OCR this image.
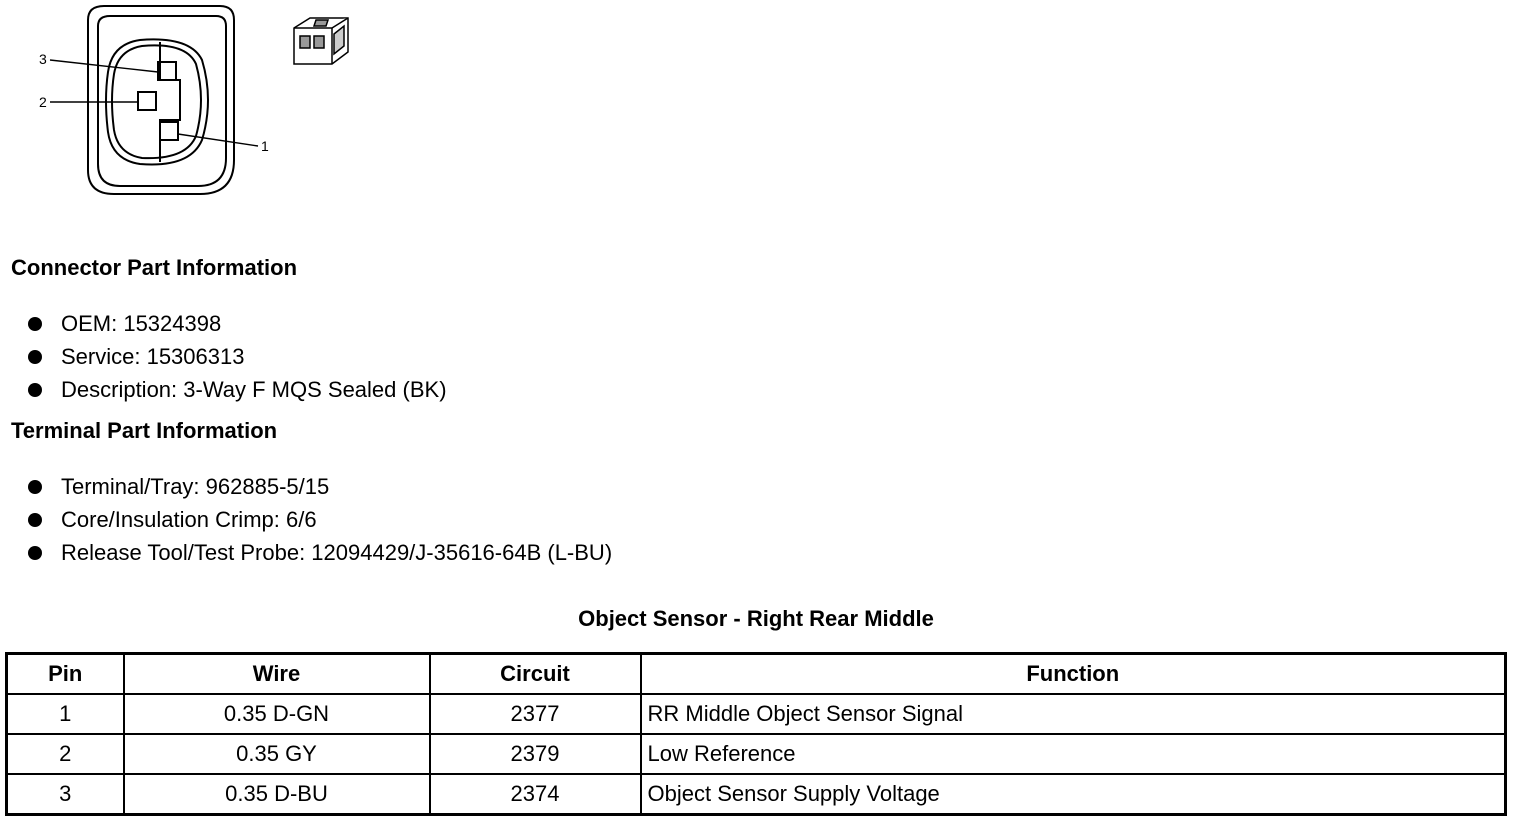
3
2
1
Connector Part Information
OEM: 15324398
Service: 15306313
Description: 3-Way F MQS Sealed (BK)
Terminal Part Information
Terminal/Tray: 962885-5/15
Core/Insulation Crimp: 6/6
Release Tool/Test Probe: 12094429/J-35616-64B (L-BU)
Object Sensor - Right Rear Middle
Pin	Wire	Circuit	Function
1	0.35 D-GN	2377	RR Middle Object Sensor Signal
2	0.35 GY	2379	Low Reference
3	0.35 D-BU	2374	Object Sensor Supply Voltage
